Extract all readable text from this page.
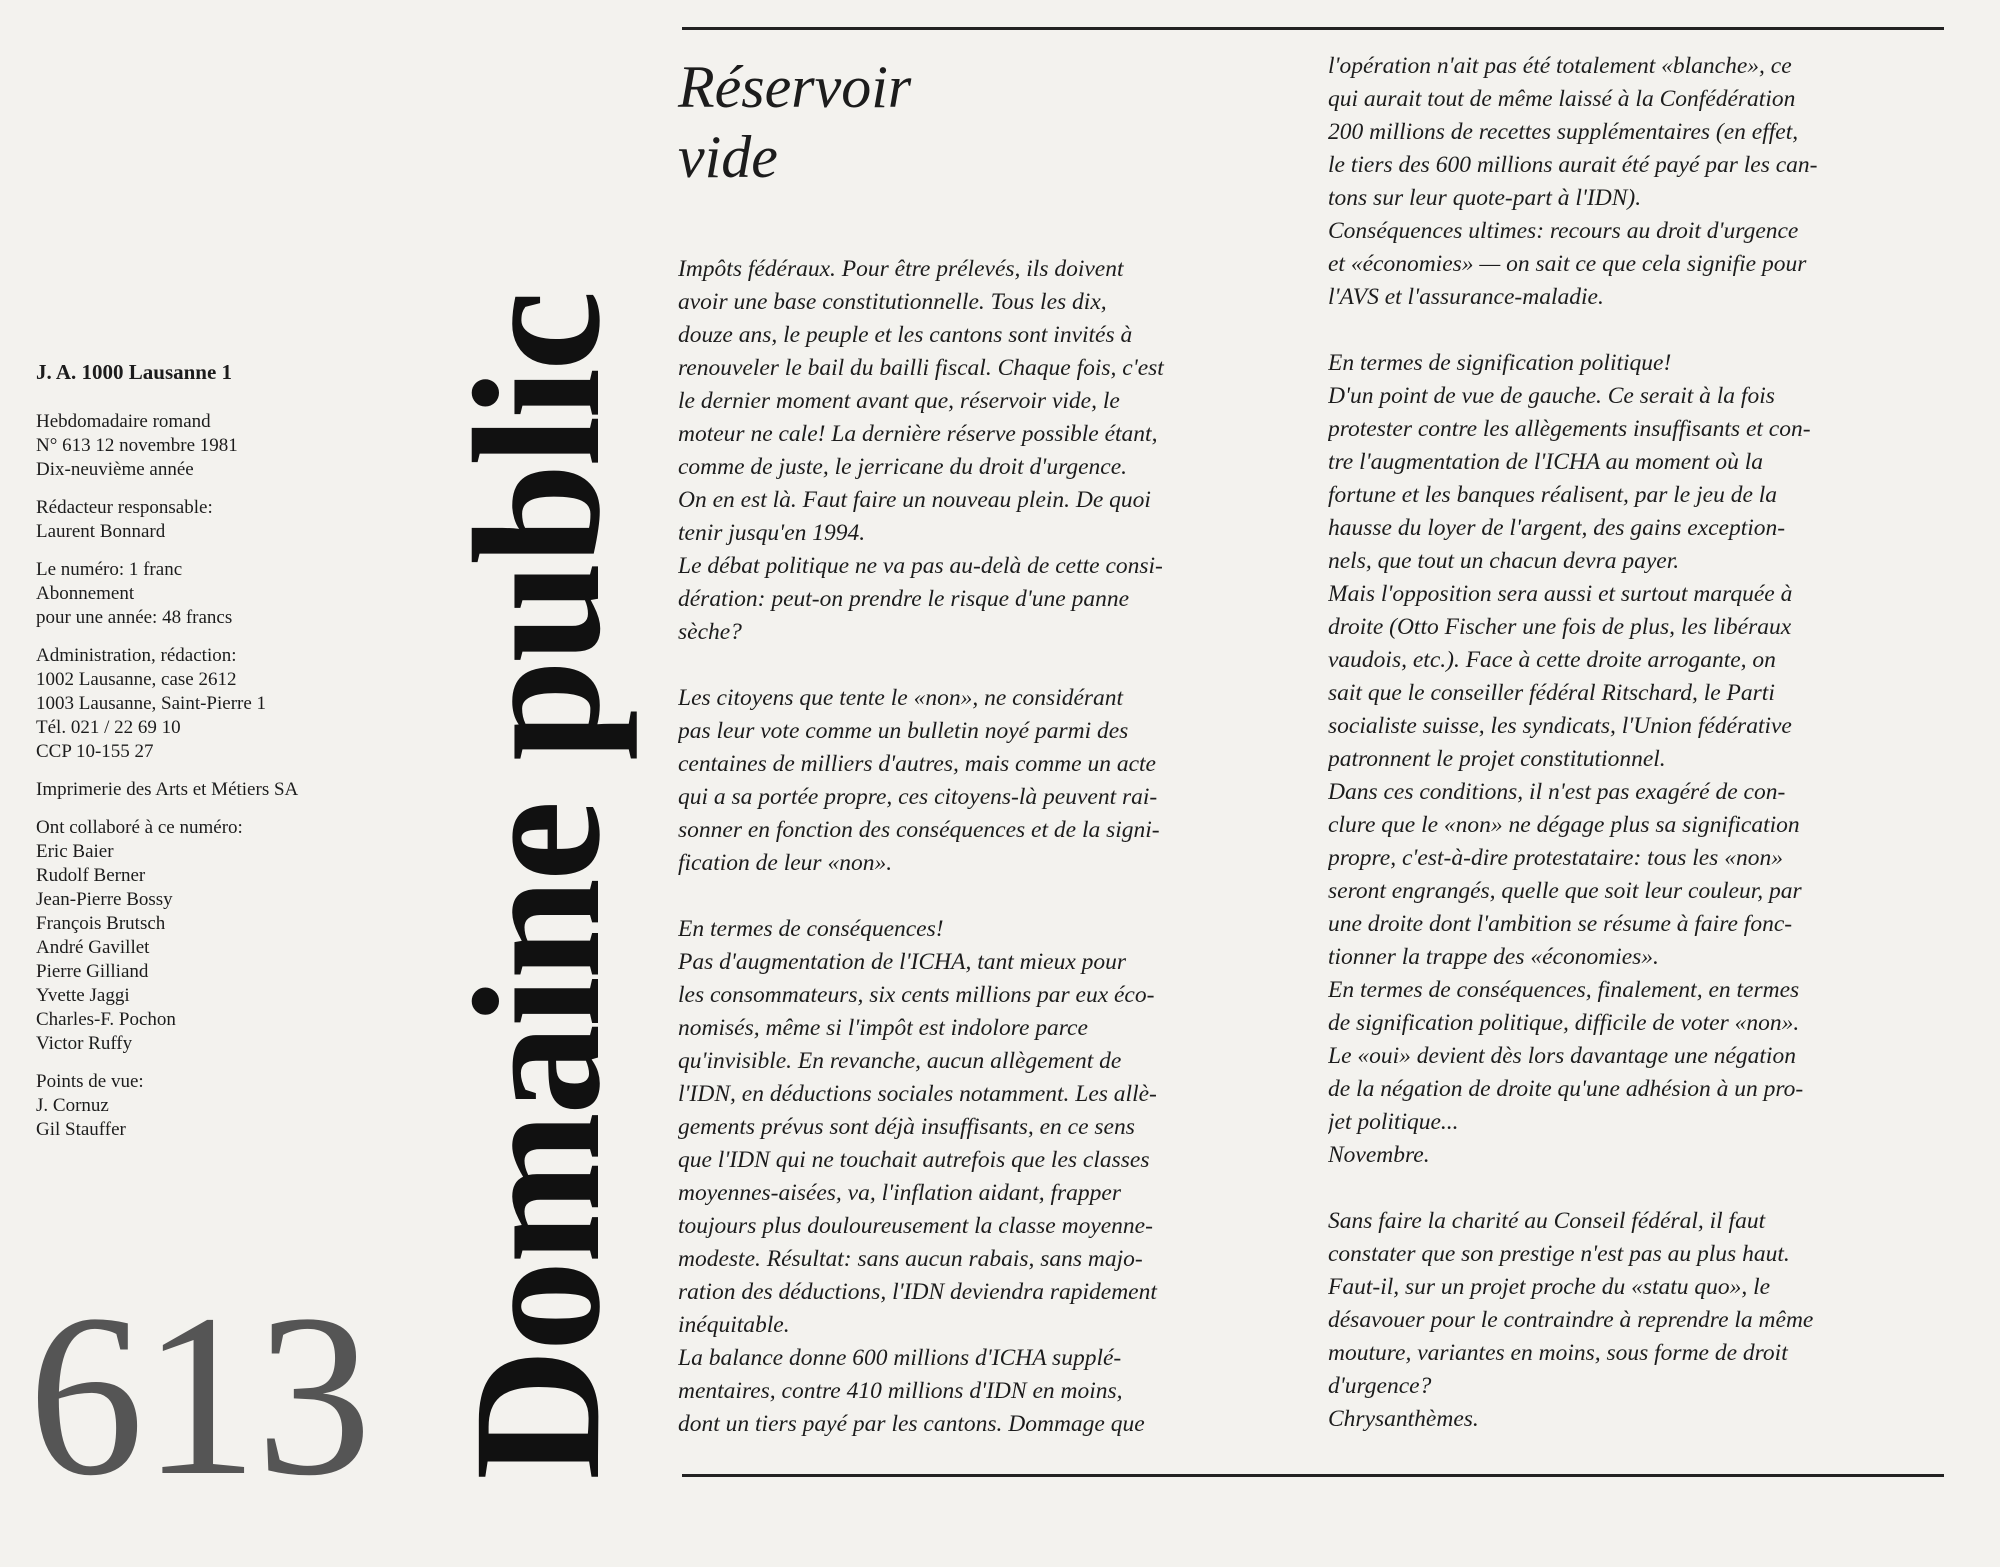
J. A. 1000 Lausanne 1
Hebdomadaire romand
N° 613 12 novembre 1981
Dix-neuvième année
Rédacteur responsable:
Laurent Bonnard
Le numéro: 1 franc
Abonnement
pour une année: 48 francs
Administration, rédaction:
1002 Lausanne, case 2612
1003 Lausanne, Saint-Pierre 1
Tél. 021 / 22 69 10
CCP 10-155 27
Imprimerie des Arts et Métiers SA
Ont collaboré à ce numéro:
Eric Baier
Rudolf Berner
Jean-Pierre Bossy
François Brutsch
André Gavillet
Pierre Gilliand
Yvette Jaggi
Charles-F. Pochon
Victor Ruffy
Points de vue:
J. Cornuz
Gil Stauffer
613 Domaine public
Réservoir
vide
Impôts fédéraux. Pour être prélevés, ils doivent
avoir une base constitutionnelle. Tous les dix,
douze ans, le peuple et les cantons sont invités à
renouveler le bail du bailli fiscal. Chaque fois, c'est
le dernier moment avant que, réservoir vide, le
moteur ne cale! La dernière réserve possible étant,
comme de juste, le jerricane du droit d'urgence.
On en est là. Faut faire un nouveau plein. De quoi
tenir jusqu'en 1994.
Le débat politique ne va pas au-delà de cette consi-
dération: peut-on prendre le risque d'une panne
sèche?
Les citoyens que tente le «non», ne considérant
pas leur vote comme un bulletin noyé parmi des
centaines de milliers d'autres, mais comme un acte
qui a sa portée propre, ces citoyens-là peuvent rai-
sonner en fonction des conséquences et de la signi-
fication de leur «non».
En termes de conséquences!
Pas d'augmentation de l'ICHA, tant mieux pour
les consommateurs, six cents millions par eux éco-
nomisés, même si l'impôt est indolore parce
qu'invisible. En revanche, aucun allègement de
l'IDN, en déductions sociales notamment. Les allè-
gements prévus sont déjà insuffisants, en ce sens
que l'IDN qui ne touchait autrefois que les classes
moyennes-aisées, va, l'inflation aidant, frapper
toujours plus douloureusement la classe moyenne-
modeste. Résultat: sans aucun rabais, sans majo-
ration des déductions, l'IDN deviendra rapidement
inéquitable.
La balance donne 600 millions d'ICHA supplé-
mentaires, contre 410 millions d'IDN en moins,
dont un tiers payé par les cantons. Dommage que
l'opération n'ait pas été totalement «blanche», ce
qui aurait tout de même laissé à la Confédération
200 millions de recettes supplémentaires (en effet,
le tiers des 600 millions aurait été payé par les can-
tons sur leur quote-part à l'IDN).
Conséquences ultimes: recours au droit d'urgence
et «économies» — on sait ce que cela signifie pour
l'AVS et l'assurance-maladie.
En termes de signification politique!
D'un point de vue de gauche. Ce serait à la fois
protester contre les allègements insuffisants et con-
tre l'augmentation de l'ICHA au moment où la
fortune et les banques réalisent, par le jeu de la
hausse du loyer de l'argent, des gains exception-
nels, que tout un chacun devra payer.
Mais l'opposition sera aussi et surtout marquée à
droite (Otto Fischer une fois de plus, les libéraux
vaudois, etc.). Face à cette droite arrogante, on
sait que le conseiller fédéral Ritschard, le Parti
socialiste suisse, les syndicats, l'Union fédérative
patronnent le projet constitutionnel.
Dans ces conditions, il n'est pas exagéré de con-
clure que le «non» ne dégage plus sa signification
propre, c'est-à-dire protestataire: tous les «non»
seront engrangés, quelle que soit leur couleur, par
une droite dont l'ambition se résume à faire fonc-
tionner la trappe des «économies».
En termes de conséquences, finalement, en termes
de signification politique, difficile de voter «non».
Le «oui» devient dès lors davantage une négation
de la négation de droite qu'une adhésion à un pro-
jet politique...
Novembre.
Sans faire la charité au Conseil fédéral, il faut
constater que son prestige n'est pas au plus haut.
Faut-il, sur un projet proche du «statu quo», le
désavouer pour le contraindre à reprendre la même
mouture, variantes en moins, sous forme de droit
d'urgence?
Chrysanthèmes.
